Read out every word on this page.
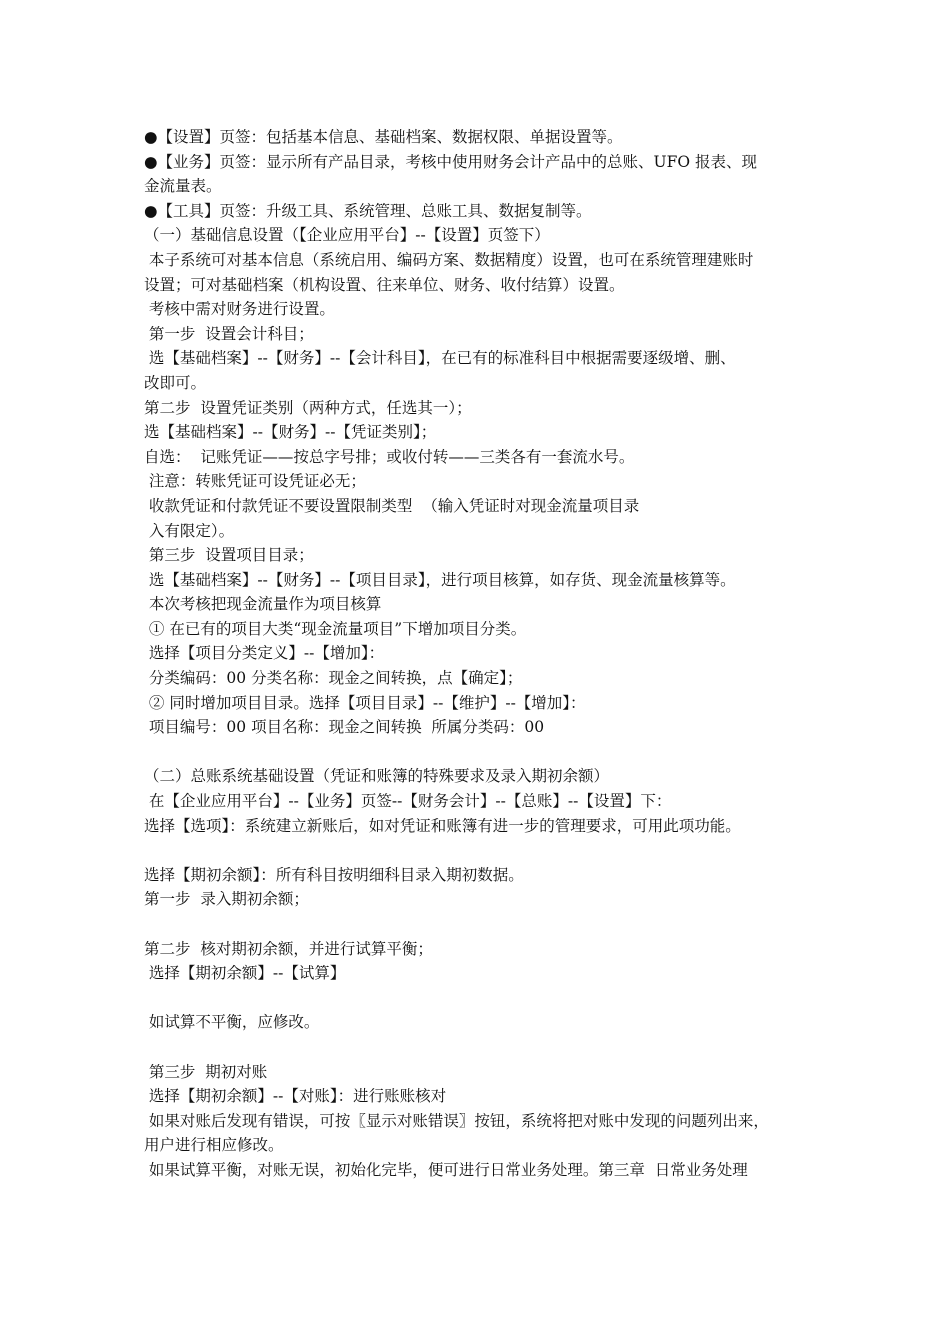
●【设置】页签：包括基本信息、基础档案、数据权限、单据设置等。
●【业务】页签：显示所有产品目录，考核中使用财务会计产品中的总账、UFO 报表、现
金流量表。
●【工具】页签：升级工具、系统管理、总账工具、数据复制等。
（一）基础信息设置（【企业应用平台】--【设置】页签下）
本子系统可对基本信息（系统启用、编码方案、数据精度）设置，也可在系统管理建账时
设置；可对基础档案（机构设置、往来单位、财务、收付结算）设置。
考核中需对财务进行设置。
第一步  设置会计科目；
选【基础档案】--【财务】--【会计科目】，在已有的标准科目中根据需要逐级增、删、
改即可。
第二步  设置凭证类别（两种方式，任选其一）；
选【基础档案】--【财务】--【凭证类别】；
自选：  记账凭证——按总字号排；或收付转——三类各有一套流水号。
注意：转账凭证可设凭证必无；
收款凭证和付款凭证不要设置限制类型  （输入凭证时对现金流量项目录
入有限定）。
第三步  设置项目目录；
选【基础档案】--【财务】--【项目目录】，进行项目核算，如存货、现金流量核算等。
本次考核把现金流量作为项目核算
① 在已有的项目大类“现金流量项目”下增加项目分类。
选择【项目分类定义】--【增加】：
分类编码：00 分类名称：现金之间转换，点【确定】；
② 同时增加项目目录。选择【项目目录】--【维护】--【增加】：
项目编号：00 项目名称：现金之间转换  所属分类码：00
（二）总账系统基础设置（凭证和账簿的特殊要求及录入期初余额）
在【企业应用平台】--【业务】页签--【财务会计】--【总账】--【设置】下：
选择【选项】：系统建立新账后，如对凭证和账簿有进一步的管理要求，可用此项功能。
选择【期初余额】：所有科目按明细科目录入期初数据。
第一步  录入期初余额；
第二步  核对期初余额，并进行试算平衡；
选择【期初余额】--【试算】
如试算不平衡，应修改。
第三步  期初对账
选择【期初余额】--【对账】：进行账账核对
如果对账后发现有错误，可按〖显示对账错误〗按钮，系统将把对账中发现的问题列出来，
用户进行相应修改。
如果试算平衡，对账无误，初始化完毕，便可进行日常业务处理。第三章  日常业务处理
